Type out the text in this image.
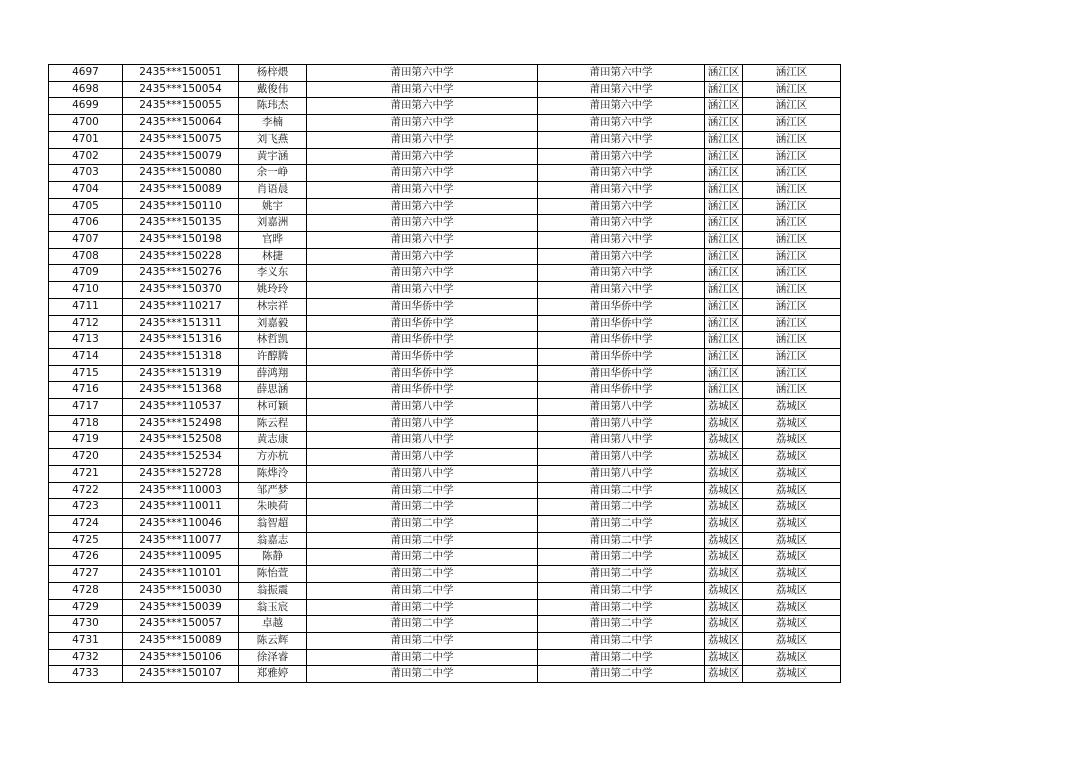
4697	2435***150051	杨梓煨	莆田第六中学	莆田第六中学	涵江区	涵江区
4698	2435***150054	戴俊伟	莆田第六中学	莆田第六中学	涵江区	涵江区
4699	2435***150055	陈玮杰	莆田第六中学	莆田第六中学	涵江区	涵江区
4700	2435***150064	李楠	莆田第六中学	莆田第六中学	涵江区	涵江区
4701	2435***150075	刘飞燕	莆田第六中学	莆田第六中学	涵江区	涵江区
4702	2435***150079	黄宇涵	莆田第六中学	莆田第六中学	涵江区	涵江区
4703	2435***150080	余一峥	莆田第六中学	莆田第六中学	涵江区	涵江区
4704	2435***150089	肖语晨	莆田第六中学	莆田第六中学	涵江区	涵江区
4705	2435***150110	姚宇	莆田第六中学	莆田第六中学	涵江区	涵江区
4706	2435***150135	刘嘉洲	莆田第六中学	莆田第六中学	涵江区	涵江区
4707	2435***150198	官晔	莆田第六中学	莆田第六中学	涵江区	涵江区
4708	2435***150228	林捷	莆田第六中学	莆田第六中学	涵江区	涵江区
4709	2435***150276	李义东	莆田第六中学	莆田第六中学	涵江区	涵江区
4710	2435***150370	姚玲玲	莆田第六中学	莆田第六中学	涵江区	涵江区
4711	2435***110217	林宗祥	莆田华侨中学	莆田华侨中学	涵江区	涵江区
4712	2435***151311	刘嘉毅	莆田华侨中学	莆田华侨中学	涵江区	涵江区
4713	2435***151316	林哲凯	莆田华侨中学	莆田华侨中学	涵江区	涵江区
4714	2435***151318	许醇腾	莆田华侨中学	莆田华侨中学	涵江区	涵江区
4715	2435***151319	薛鸿翔	莆田华侨中学	莆田华侨中学	涵江区	涵江区
4716	2435***151368	薛思涵	莆田华侨中学	莆田华侨中学	涵江区	涵江区
4717	2435***110537	林可颖	莆田第八中学	莆田第八中学	荔城区	荔城区
4718	2435***152498	陈云程	莆田第八中学	莆田第八中学	荔城区	荔城区
4719	2435***152508	黄志康	莆田第八中学	莆田第八中学	荔城区	荔城区
4720	2435***152534	方亦杭	莆田第八中学	莆田第八中学	荔城区	荔城区
4721	2435***152728	陈烨泠	莆田第八中学	莆田第八中学	荔城区	荔城区
4722	2435***110003	邹严梦	莆田第二中学	莆田第二中学	荔城区	荔城区
4723	2435***110011	朱映荷	莆田第二中学	莆田第二中学	荔城区	荔城区
4724	2435***110046	翁智超	莆田第二中学	莆田第二中学	荔城区	荔城区
4725	2435***110077	翁嘉志	莆田第二中学	莆田第二中学	荔城区	荔城区
4726	2435***110095	陈静	莆田第二中学	莆田第二中学	荔城区	荔城区
4727	2435***110101	陈怡萱	莆田第二中学	莆田第二中学	荔城区	荔城区
4728	2435***150030	翁振震	莆田第二中学	莆田第二中学	荔城区	荔城区
4729	2435***150039	翁玉宸	莆田第二中学	莆田第二中学	荔城区	荔城区
4730	2435***150057	卓越	莆田第二中学	莆田第二中学	荔城区	荔城区
4731	2435***150089	陈云辉	莆田第二中学	莆田第二中学	荔城区	荔城区
4732	2435***150106	徐泽睿	莆田第二中学	莆田第二中学	荔城区	荔城区
4733	2435***150107	郑雅婷	莆田第二中学	莆田第二中学	荔城区	荔城区
